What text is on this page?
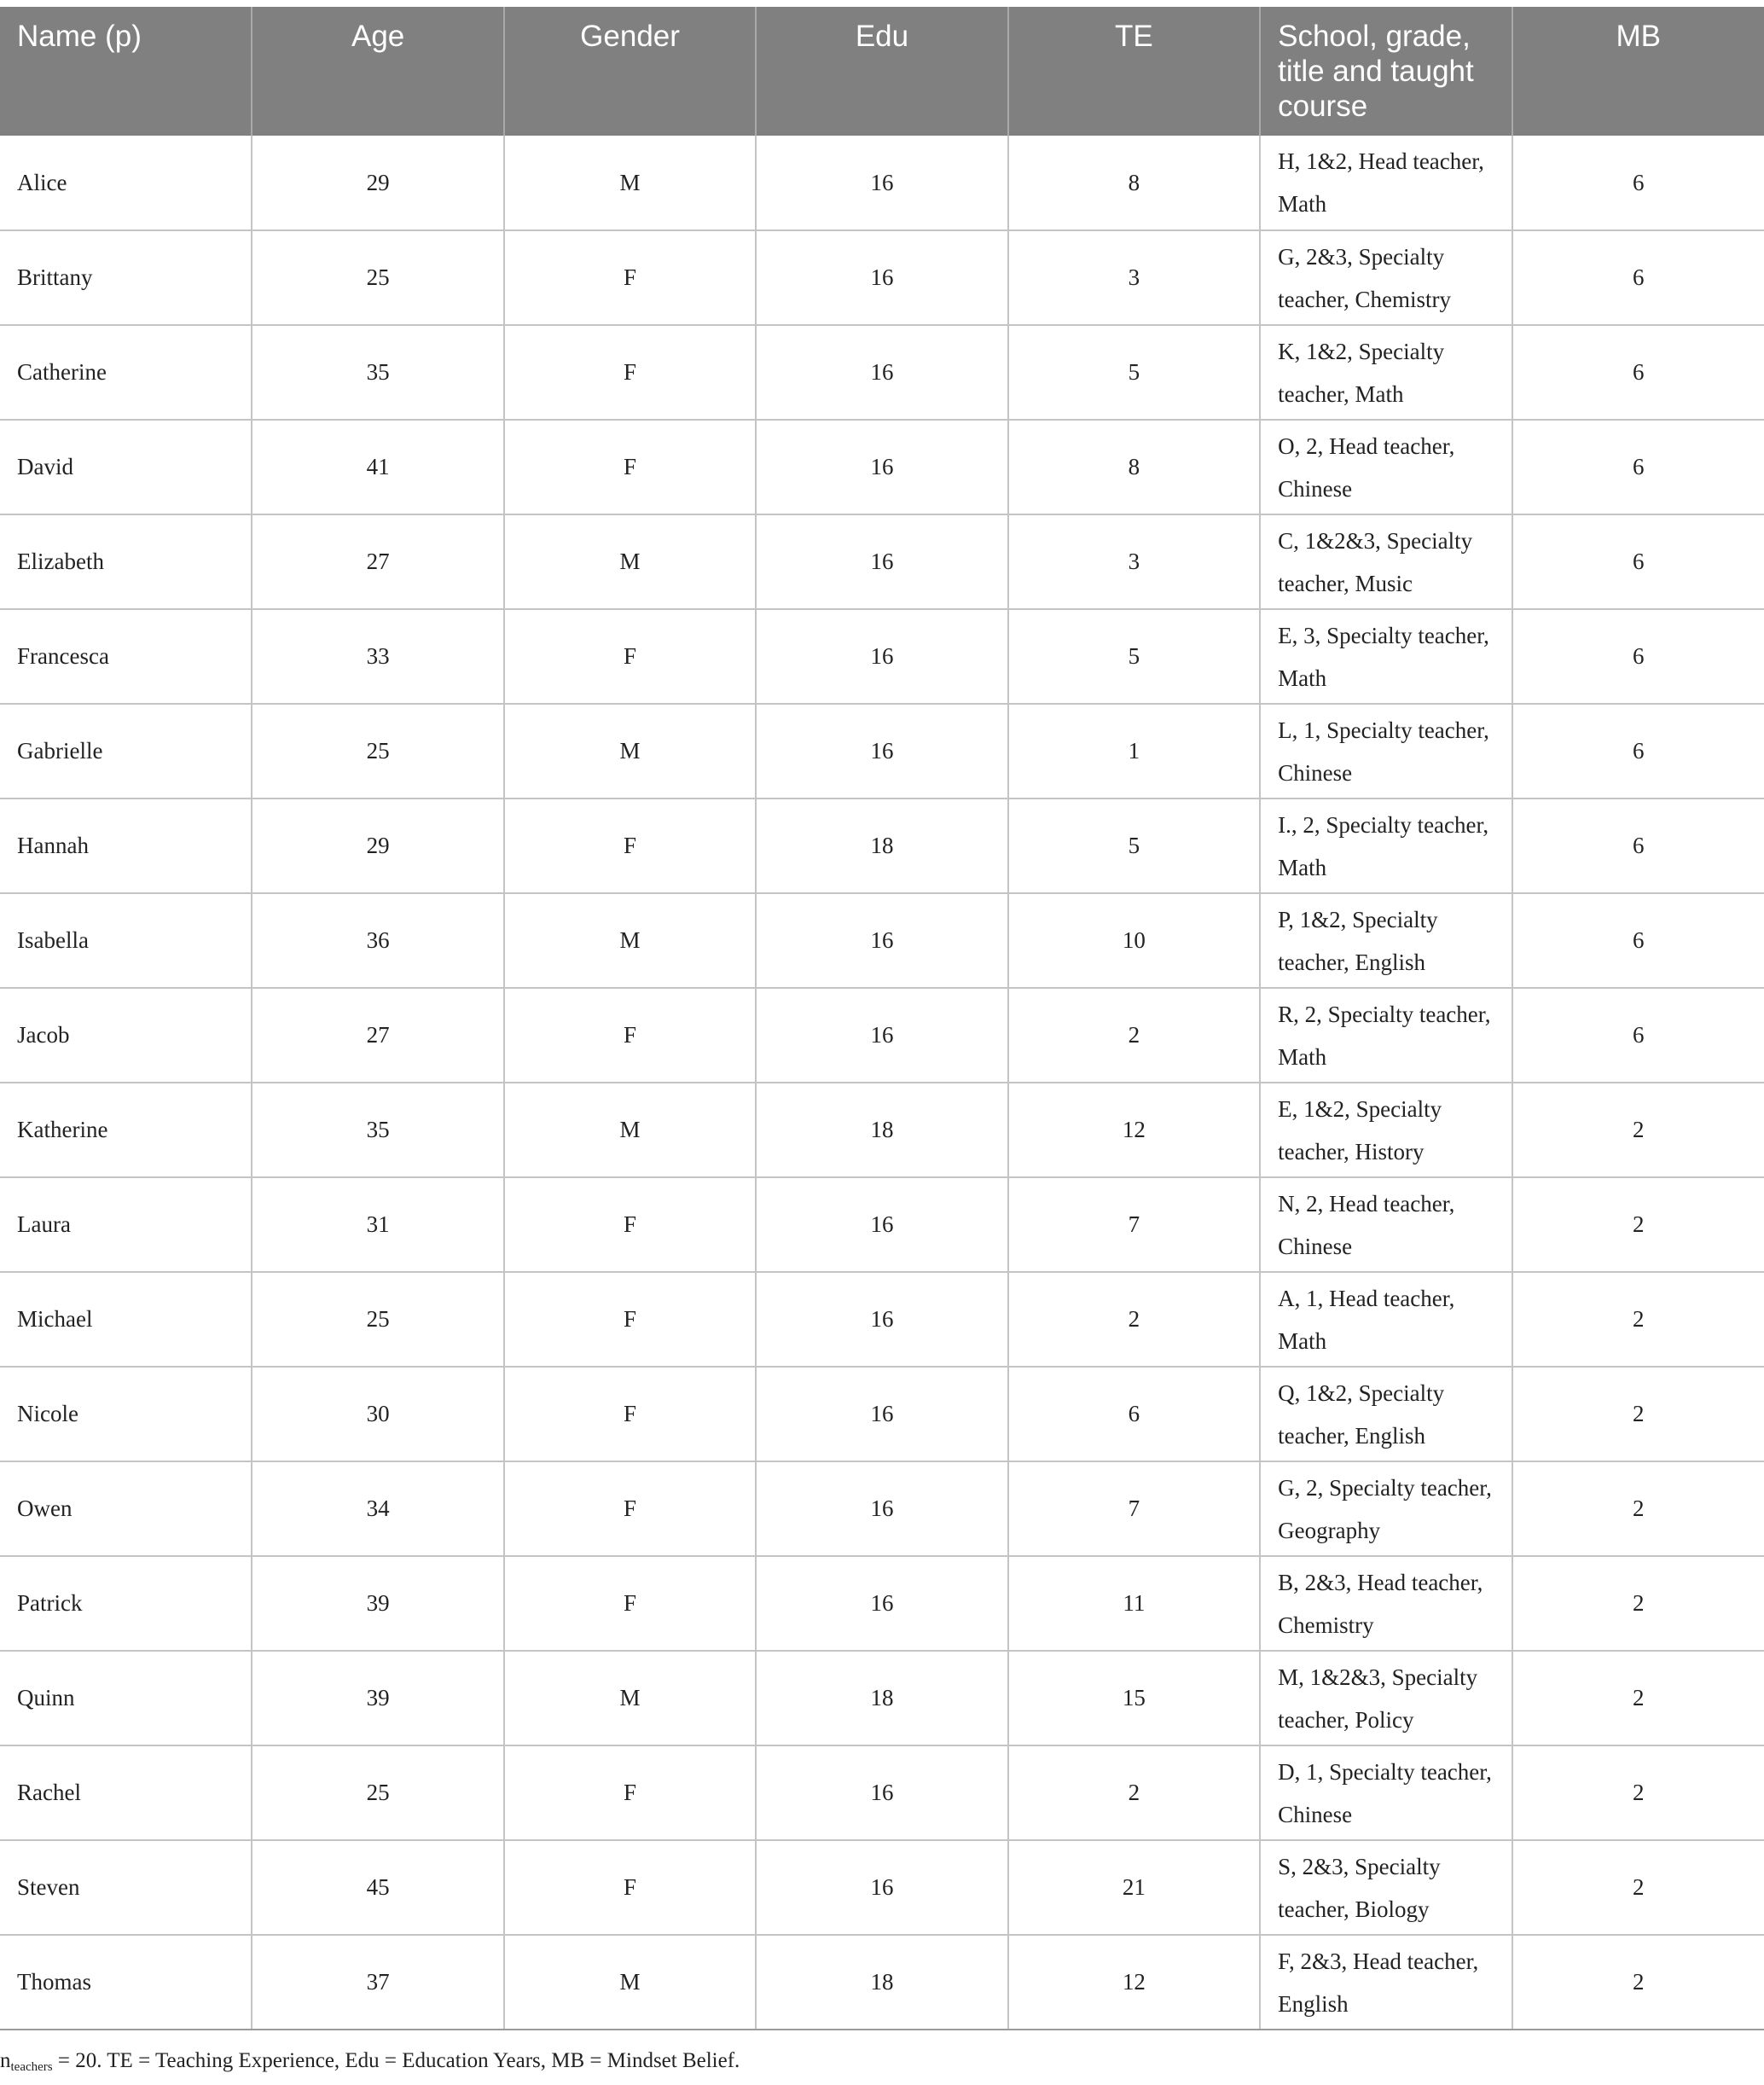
Name (p)	Age	Gender	Edu	TE	School, grade, title and taught course	MB
Alice	29	M	16	8	H, 1&2, Head teacher, Math	6
Brittany	25	F	16	3	G, 2&3, Specialty teacher, Chemistry	6
Catherine	35	F	16	5	K, 1&2, Specialty teacher, Math	6
David	41	F	16	8	O, 2, Head teacher, Chinese	6
Elizabeth	27	M	16	3	C, 1&2&3, Specialty teacher, Music	6
Francesca	33	F	16	5	E, 3, Specialty teacher, Math	6
Gabrielle	25	M	16	1	L, 1, Specialty teacher, Chinese	6
Hannah	29	F	18	5	I., 2, Specialty teacher, Math	6
Isabella	36	M	16	10	P, 1&2, Specialty teacher, English	6
Jacob	27	F	16	2	R, 2, Specialty teacher, Math	6
Katherine	35	M	18	12	E, 1&2, Specialty teacher, History	2
Laura	31	F	16	7	N, 2, Head teacher, Chinese	2
Michael	25	F	16	2	A, 1, Head teacher, Math	2
Nicole	30	F	16	6	Q, 1&2, Specialty teacher, English	2
Owen	34	F	16	7	G, 2, Specialty teacher, Geography	2
Patrick	39	F	16	11	B, 2&3, Head teacher, Chemistry	2
Quinn	39	M	18	15	M, 1&2&3, Specialty teacher, Policy	2
Rachel	25	F	16	2	D, 1, Specialty teacher, Chinese	2
Steven	45	F	16	21	S, 2&3, Specialty teacher, Biology	2
Thomas	37	M	18	12	F, 2&3, Head teacher, English	2
$n_{teachers} = 20$. TE = Teaching Experience, Edu = Education Years, MB = Mindset Belief.
